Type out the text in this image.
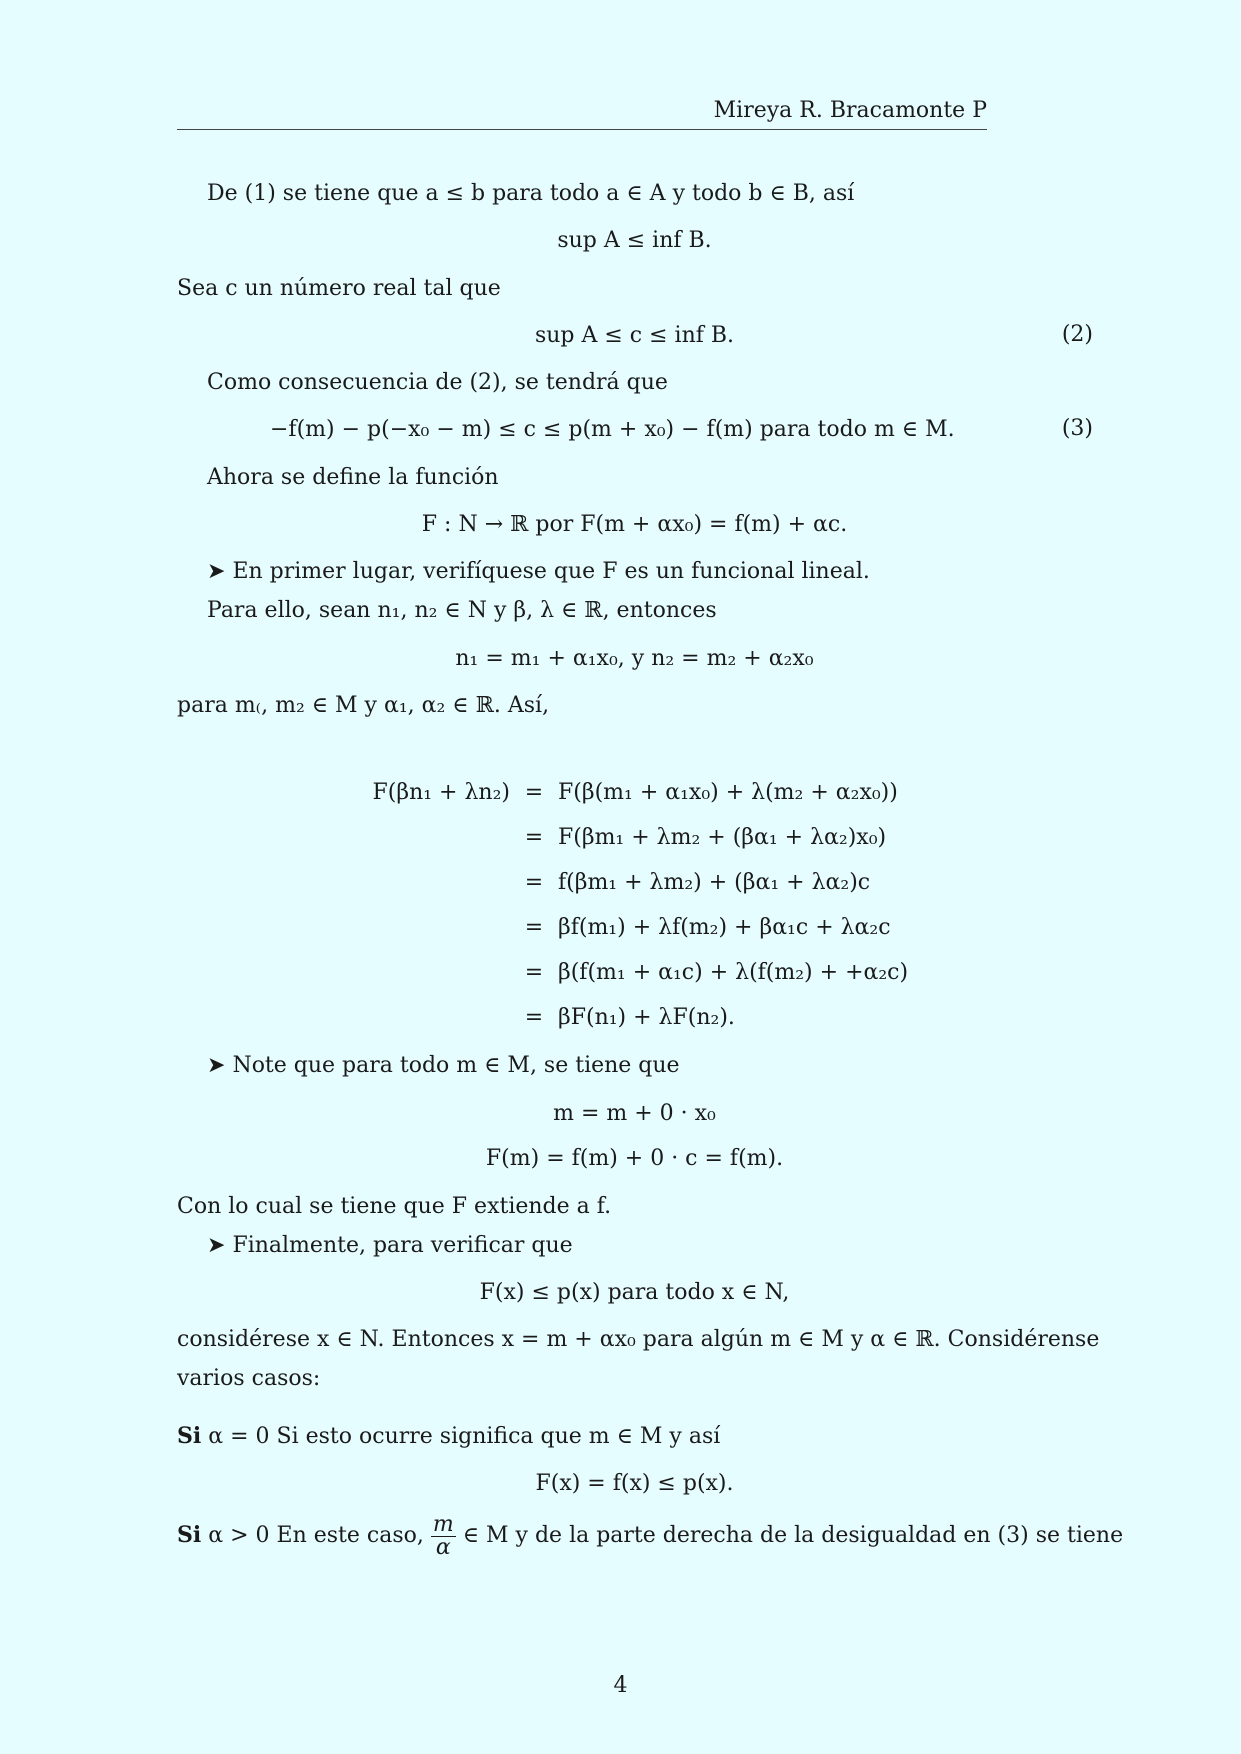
Mireya R. Bracamonte P
De (1) se tiene que a ≤ b para todo a ∈ A y todo b ∈ B, así
sup A ≤ inf B.
Sea c un número real tal que
sup A ≤ c ≤ inf B.	(2)
Como consecuencia de (2), se tendrá que
−f(m) − p(−x₀ − m) ≤ c ≤ p(m + x₀) − f(m) para todo m ∈ M.	(3)
Ahora se define la función
F : N → ℝ por F(m + αx₀) = f(m) + αc.
➤ En primer lugar, verifíquese que F es un funcional lineal.
Para ello, sean n₁, n₂ ∈ N y β, λ ∈ ℝ, entonces
n₁ = m₁ + α₁x₀, y n₂ = m₂ + α₂x₀
para m₍, m₂ ∈ M y α₁, α₂ ∈ ℝ. Así,
F(βn₁ + λn₂) = F(β(m₁ + α₁x₀) + λ(m₂ + α₂x₀))
= F(βm₁ + λm₂ + (βα₁ + λα₂)x₀)
= f(βm₁ + λm₂) + (βα₁ + λα₂)c
= βf(m₁) + λf(m₂) + βα₁c + λα₂c
= β(f(m₁ + α₁c) + λ(f(m₂) + +α₂c)
= βF(n₁) + λF(n₂).
➤ Note que para todo m ∈ M, se tiene que
m = m + 0 · x₀
F(m) = f(m) + 0 · c = f(m).
Con lo cual se tiene que F extiende a f.
➤ Finalmente, para verificar que
F(x) ≤ p(x) para todo x ∈ N,
considérese x ∈ N. Entonces x = m + αx₀ para algún m ∈ M y α ∈ ℝ. Considérense
varios casos:
Si α = 0 Si esto ocurre significa que m ∈ M y así
F(x) = f(x) ≤ p(x).
Si α > 0 En este caso, $\frac{m}{\alpha}$ ∈ M y de la parte derecha de la desigualdad en (3) se tiene
4
